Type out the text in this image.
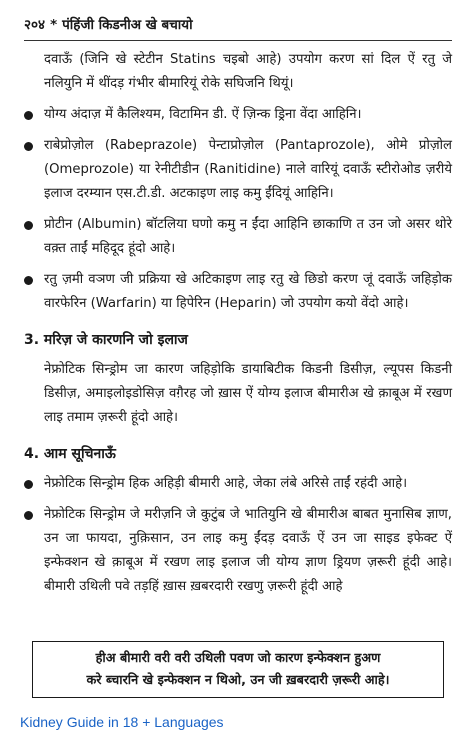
२०४ * पंहिंजी किडनीअ खे बचायो

दवाऊँ (जिनि खे स्टेटीन Statins चइबो आहे) उपयोग करण सां दिल ऐं रतु जे नलियुनि में थींदड़ गंभीर बीमारियूं रोके सघिजनि थियूं।

योग्य अंदाज़ में कैलिश्यम, विटामिन डी. ऐं ज़िन्क ड्रिना वेंदा आहिनि।
राबेप्रोज़ोल (Rabeprazole) पेन्टाप्रोज़ोल (Pantaprozole), ओमे प्रोज़ोल (Omeprozole) या रेनीटीडीन (Ranitidine) नाले वारियूं दवाऊँ स्टीरोओड ज़रीये इलाज दरम्यान एस.टी.डी. अटकाइण लाइ कमु ईंदियूं आहिनि।
प्रोटीन (Albumin) बॉटलिया घणो कमु न ईंदा आहिनि छाकाणि त उन जो असर थोरे वक़्त ताईं महिदूद हूंदो आहे।
रतु ज़मी वञण जी प्रक्रिया खे अटिकाइण लाइ रतु खे छिडो करण जूं दवाऊँ जहिड़ोक वारफेरिन (Warfarin) या हिपेरिन (Heparin) जो उपयोग कयो वेंदो आहे।
3. मरिज़ जे कारणनि जो इलाज

नेफ्रोटिक सिन्ड्रोम जा कारण जहिड़ोकि डायाबिटीक किडनी डिसीज़, ल्यूपस किडनी डिसीज़, अमाइलोइडोसिज़ वग़ैरह जो ख़ास ऐं योग्य इलाज बीमारीअ खे क़ाबूअ में रखण लाइ तमाम ज़रूरी हूंदो आहे।

4. आम सूचिनाऊँ
नेफ्रोटिक सिन्ड्रोम हिक अहिड़ी बीमारी आहे, जेका लंबे अरिसे ताईं रहंदी आहे।
नेफ्रोटिक सिन्ड्रोम जे मरीज़नि जे कुटुंब जे भातियुनि खे बीमारीअ बाबत मुनासिब ज्ञाण, उन जा फायदा, नुक़िसान, उन लाइ कमु ईंदड़ दवाऊँ ऐं उन जा साइड इफेक्ट ऐं इन्फेक्शन खे क़ाबूअ में रखण लाइ इलाज जी योग्य ज्ञाण ड्रियण ज़रूरी हूंदी आहे। बीमारी उथिली पवे तड़हिं ख़ास ख़बरदारी रखणु ज़रूरी हूंदी आहे
हीअ बीमारी वरी वरी उथिली पवण जो कारण इन्फेक्शन हुअण
करे ब्चारनि खे इन्फेक्शन न थिओ, उन जी ख़बरदारी ज़रूरी आहे।
Kidney Guide in 18 + Languages
